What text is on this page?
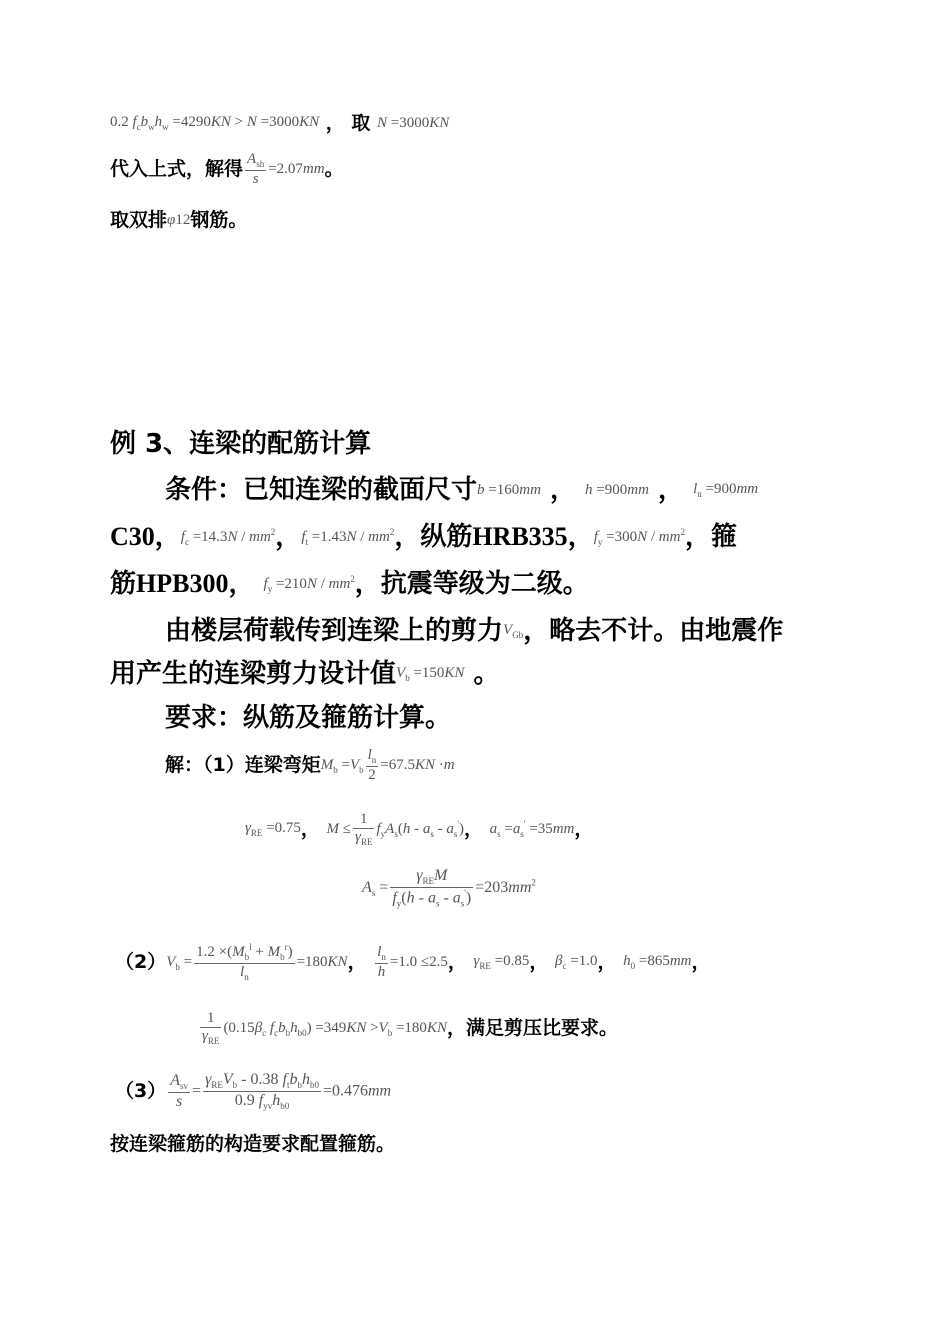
0.2 $f_cb_wh_w =4290KN > N =3000KN$ ， 取 N =3000KN
代入上式，解得 $\frac{A_{sh}}{s} =2.07mm$。
取双排φ12钢筋。
例 3、连梁的配筋计算
条件：已知连梁的截面尺寸b =160mm ， h =900mm ， $l_n =900mm$
C30，$f_c =14.3N / mm^2$，$f_t =1.43N / mm^2$，纵筋HRB335，$f_y =300N / mm^2$，箍
筋HPB300， $f_y =210N / mm^2$，抗震等级为二级。
由楼层荷载传到连梁上的剪力$V_{Gb}$，略去不计。由地震作
用产生的连梁剪力设计值$V_b =150KN$ 。
要求：纵筋及箍筋计算。
解：（1）连梁弯矩$M_b =V_b \frac{l_n}{2} =67.5KN \cdot m$
$\gamma_{RE} =0.75$， $M \le \frac{1}{\gamma_{RE}} f_yA_s(h - a_s - a_s')$， $a_s =a_s' =35mm$，
$A_s = \frac{\gamma_{RE}M}{f_y(h - a_s - a_s')} =203mm^2$
$(2)V_b = \frac{1.2 \times(M_b^l + M_b^r)}{l_n} =180KN$， $\frac{l_n}{h} =1.0 \le 2.5$， $\gamma_{RE} =0.85$， $\beta_c =1.0$， $h_0 =865mm$，
$\frac{1}{\gamma_{RE}} (0.15\beta_c$ $f_cb_bh_{b0}) =349KN >V_b =180KN$，满足剪压比要求。
$(3) \frac{A_{sv}}{s} = \frac{\gamma_{RE}V_b - 0.38 f_tb_bh_{b0}}{0.9 f_{yv}h_{b0}} =0.476mm$
按连梁箍筋的构造要求配置箍筋。
